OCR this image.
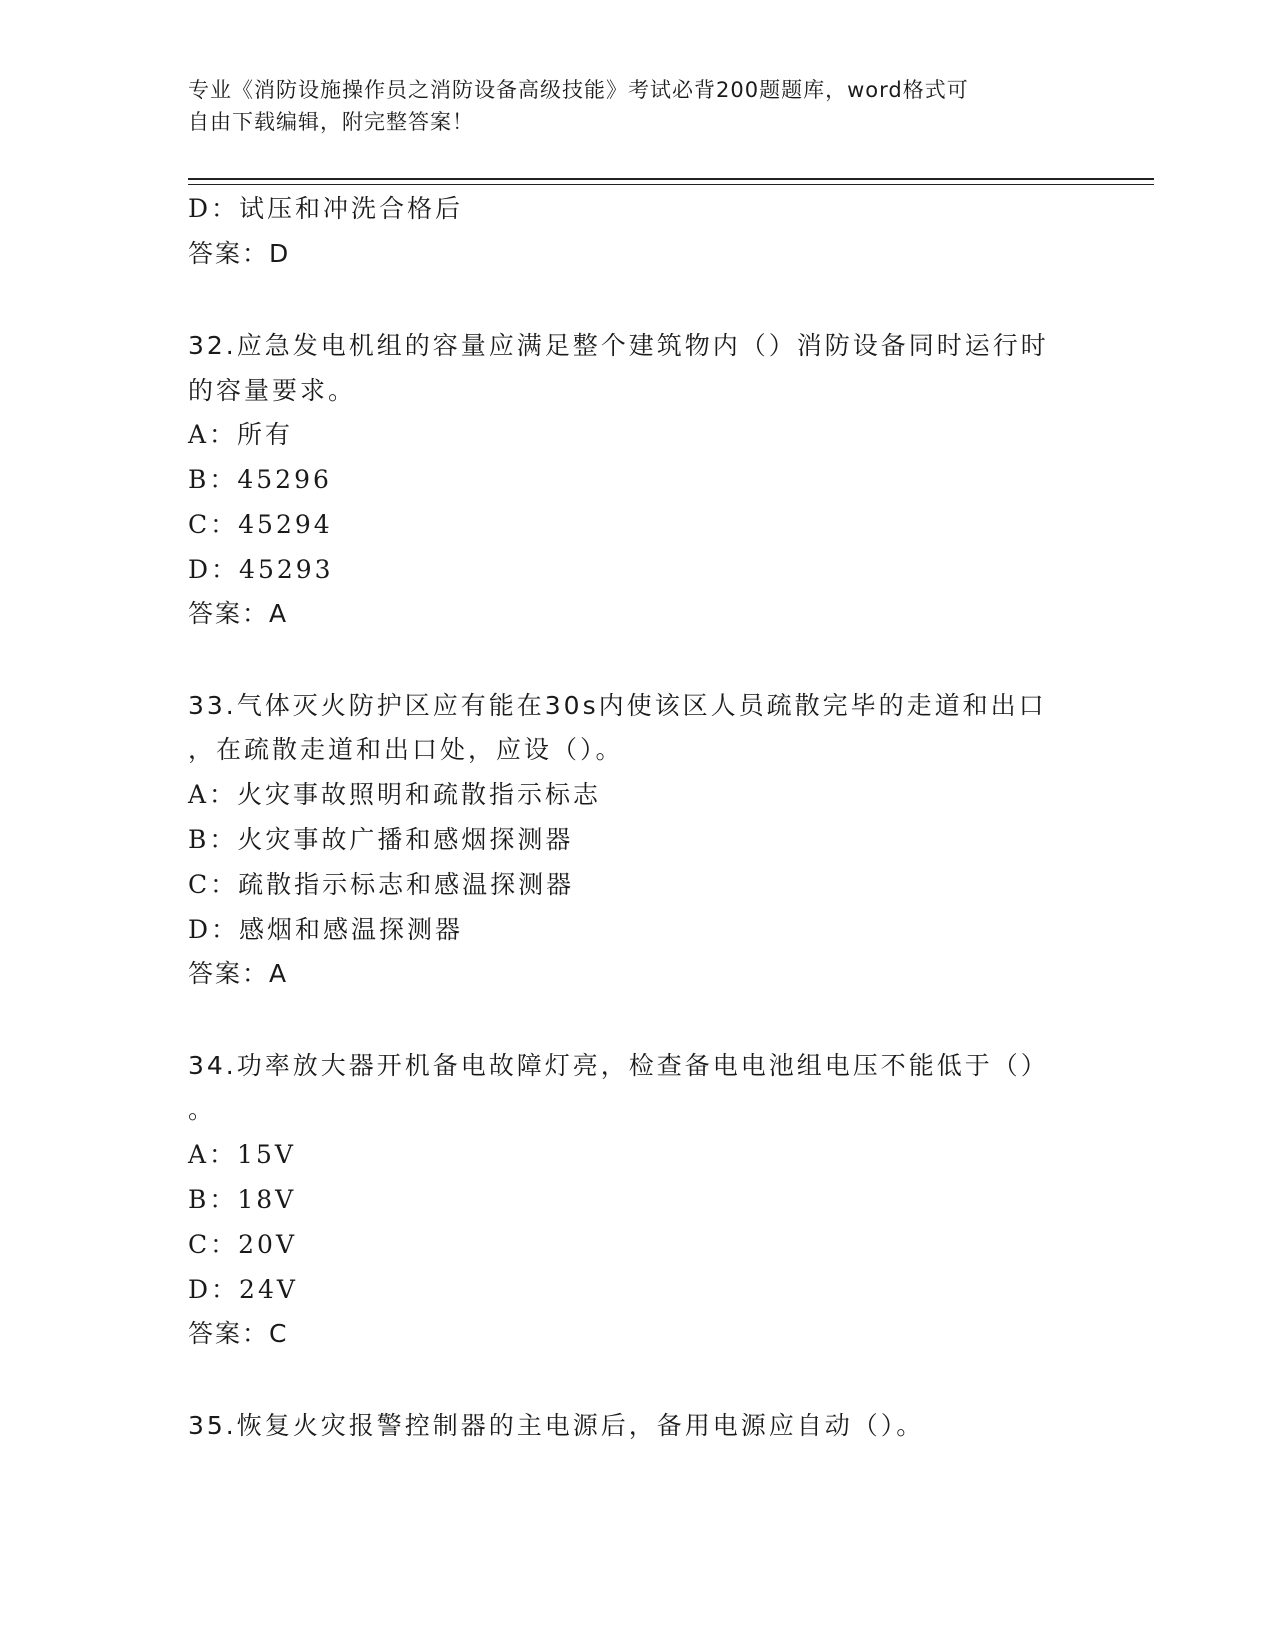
专业《消防设施操作员之消防设备高级技能》考试必背200题题库，word格式可
自由下载编辑，附完整答案！

D：试压和冲洗合格后

答案：D

32.应急发电机组的容量应满足整个建筑物内（）消防设备同时运行时

的容量要求。

A：所有

B：45296

C：45294

D：45293

答案：A

33.气体灭火防护区应有能在30s内使该区人员疏散完毕的走道和出口

，在疏散走道和出口处，应设（）。

A：火灾事故照明和疏散指示标志

B：火灾事故广播和感烟探测器

C：疏散指示标志和感温探测器

D：感烟和感温探测器

答案：A

34.功率放大器开机备电故障灯亮，检查备电电池组电压不能低于（）

。

A：15V

B：18V

C：20V

D：24V

答案：C

35.恢复火灾报警控制器的主电源后，备用电源应自动（）。
